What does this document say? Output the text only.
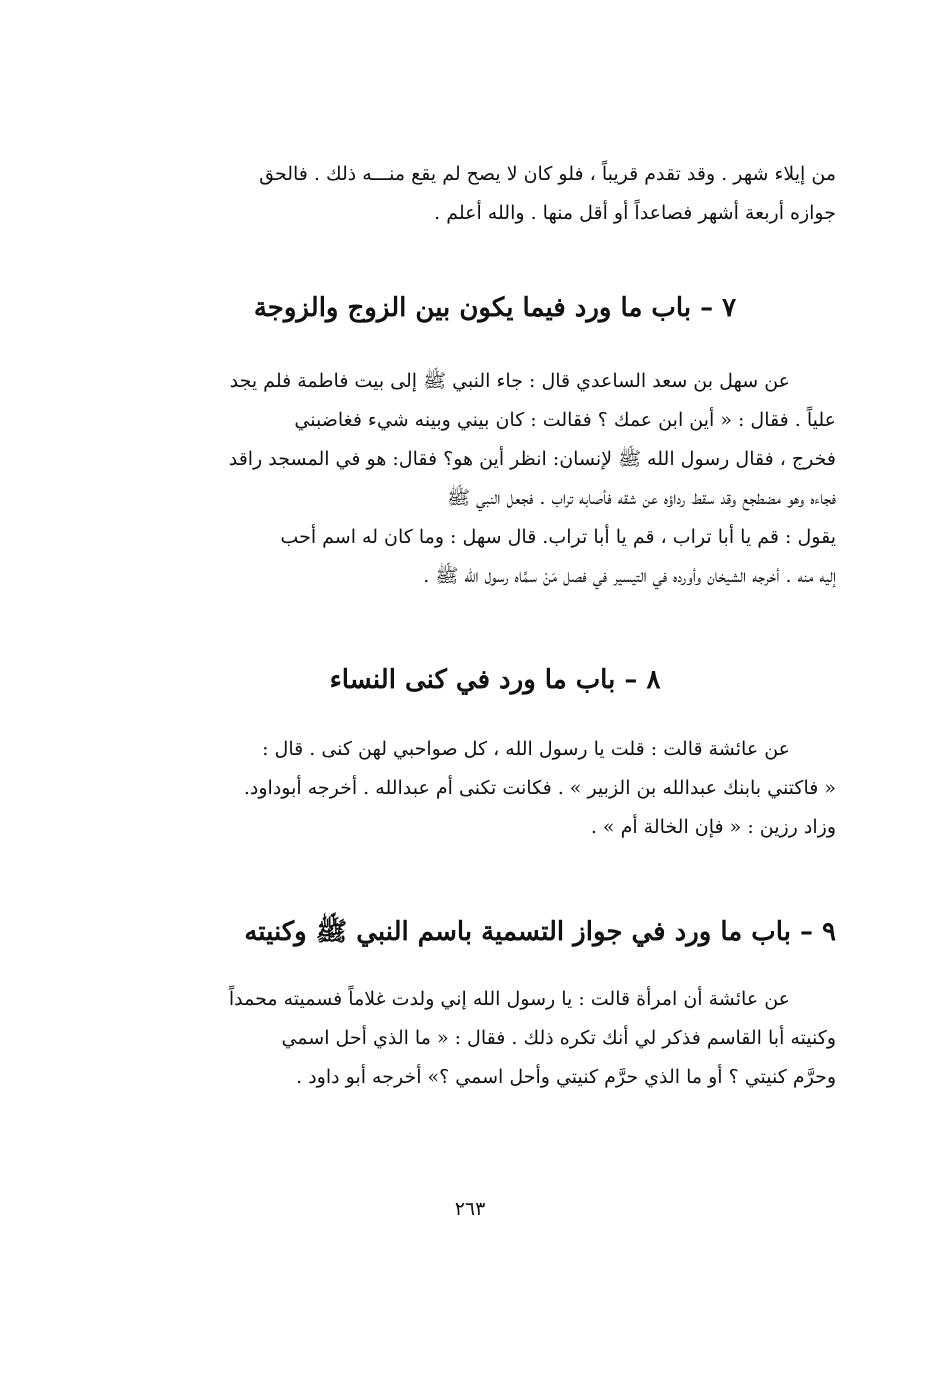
من إيلاء شهر . وقد تقدم قريباً ، فلو كان لا يصح لم يقع منـــه ذلك . فالحق
جوازه أربعة أشهر فصاعداً أو أقل منها . والله أعلم .
٧ – باب ما ورد فيما يكون بين الزوج والزوجة
عن سهل بن سعد الساعدي قال : جاء النبي ﷺ إلى بيت فاطمة فلم يجد
علياً . فقال : « أين ابن عمك ؟ فقالت : كان بيني وبينه شيء فغاضبني
فخرج ، فقال رسول الله ﷺ لإنسان: انظر أين هو؟ فقال: هو في المسجد راقد
فجاءه وهو مضطجع وقد سقط رداؤه عن شقه فأصابه تراب . فجعل النبي ﷺ
يقول : قم يا أبا تراب ، قم يا أبا تراب. قال سهل : وما كان له اسم أحب
إليه منه . أخرجه الشيخان وأورده في التيسير في فصل مَنْ سمَّاه رسول الله ﷺ .
٨ – باب ما ورد في كنى النساء
عن عائشة قالت : قلت يا رسول الله ، كل صواحبي لهن كنى . قال :
« فاكتني بابنك عبدالله بن الزبير » . فكانت تكنى أم عبدالله . أخرجه أبوداود.
وزاد رزين : « فإن الخالة أم » .
٩ – باب ما ورد في جواز التسمية باسم النبي ﷺ وكنيته
عن عائشة أن امرأة قالت : يا رسول الله إني ولدت غلاماً فسميته محمداً
وكنيته أبا القاسم فذكر لي أنك تكره ذلك . فقال : « ما الذي أحل اسمي
وحرَّم كنيتي ؟ أو ما الذي حرَّم كنيتي وأحل اسمي ؟» أخرجه أبو داود .
٢٦٣
